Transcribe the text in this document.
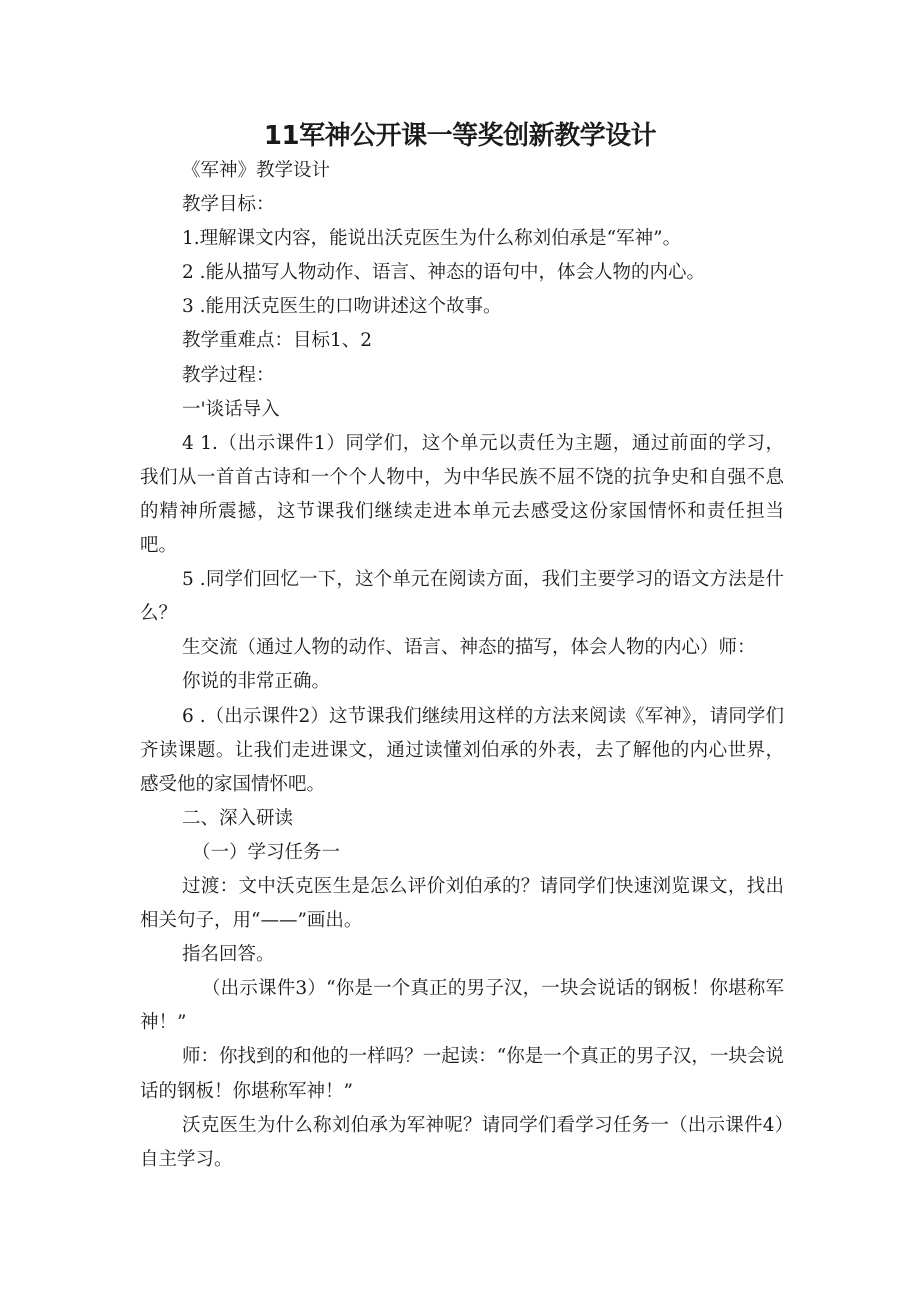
11军神公开课一等奖创新教学设计

《军神》教学设计

教学目标：

1.理解课文内容，能说出沃克医生为什么称刘伯承是“军神”。

2 .能从描写人物动作、语言、神态的语句中，体会人物的内心。

3 .能用沃克医生的口吻讲述这个故事。

教学重难点：目标1、2

教学过程：

一'谈话导入

4 1.（出示课件1）同学们，这个单元以责任为主题，通过前面的学习，我们从一首首古诗和一个个人物中，为中华民族不屈不饶的抗争史和自强不息的精神所震撼，这节课我们继续走进本单元去感受这份家国情怀和责任担当吧。

5 .同学们回忆一下，这个单元在阅读方面，我们主要学习的语文方法是什么？

生交流（通过人物的动作、语言、神态的描写，体会人物的内心）师：

你说的非常正确。

6 .（出示课件2）这节课我们继续用这样的方法来阅读《军神》，请同学们齐读课题。让我们走进课文，通过读懂刘伯承的外表，去了解他的内心世界，感受他的家国情怀吧。

二、深入研读

（一）学习任务一

过渡：文中沃克医生是怎么评价刘伯承的？请同学们快速浏览课文，找出相关句子，用“——”画出。

指名回答。

（出示课件3）“你是一个真正的男子汉，一块会说话的钢板！你堪称军神！”

师：你找到的和他的一样吗？一起读：“你是一个真正的男子汉，一块会说话的钢板！你堪称军神！”

沃克医生为什么称刘伯承为军神呢？请同学们看学习任务一（出示课件4）自主学习。
